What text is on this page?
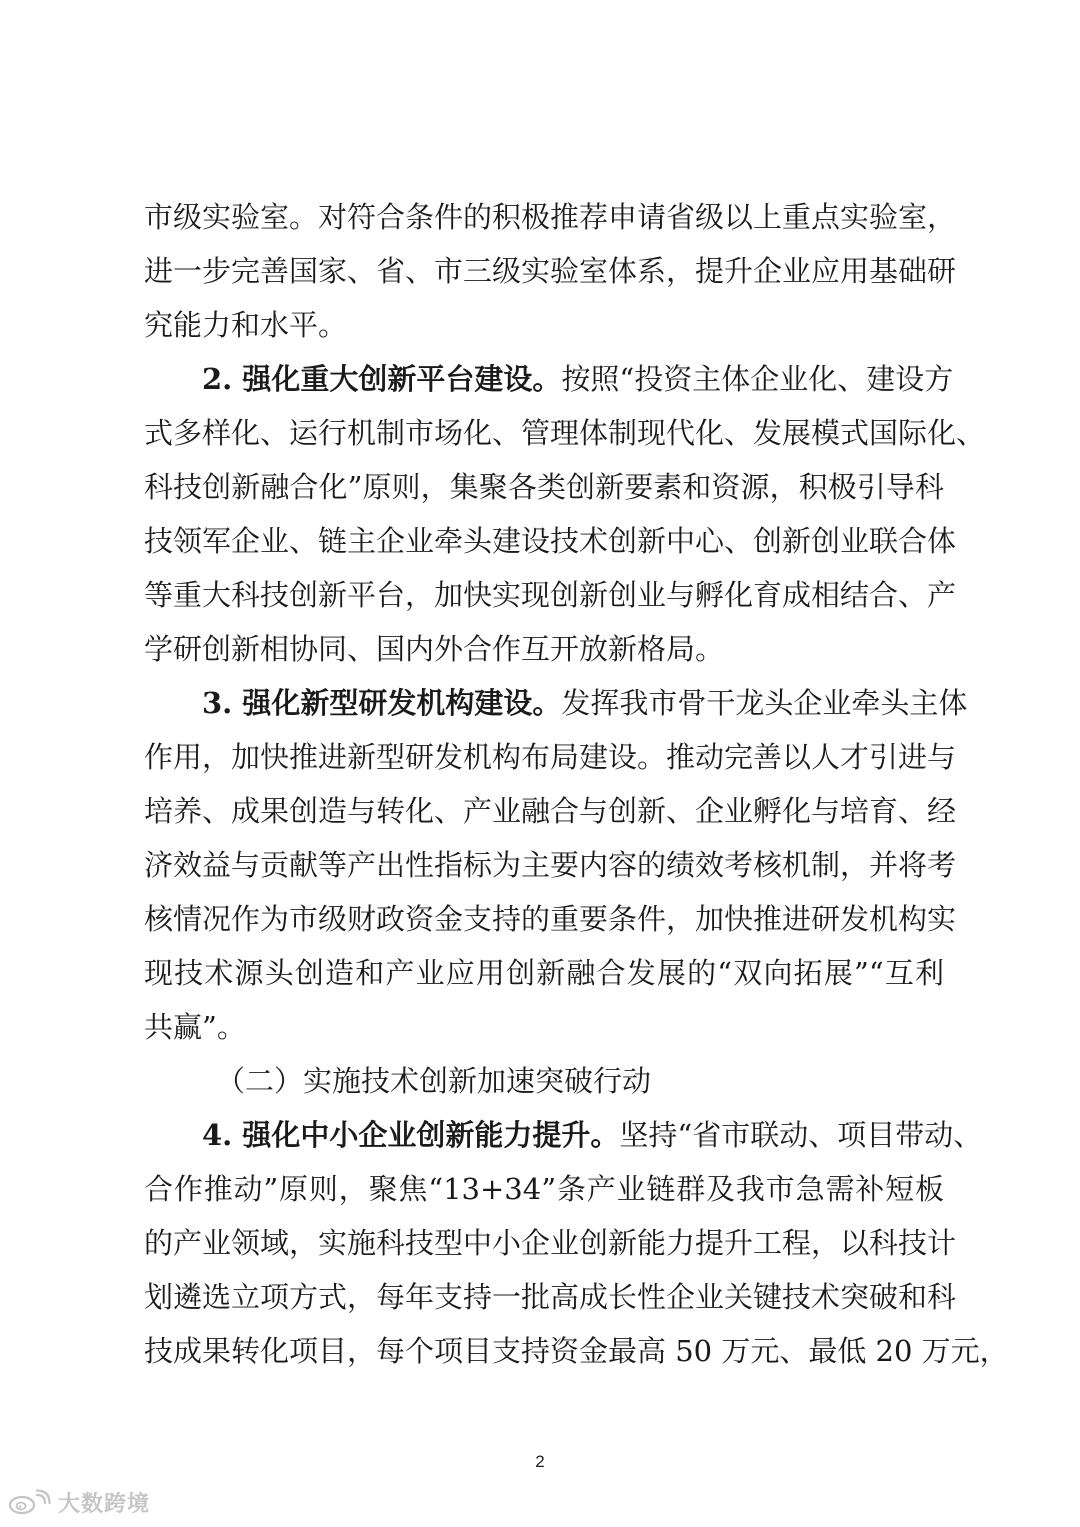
市级实验室。对符合条件的积极推荐申请省级以上重点实验室，
进一步完善国家、省、市三级实验室体系，提升企业应用基础研
究能力和水平。
2. 强化重大创新平台建设。按照“投资主体企业化、建设方
式多样化、运行机制市场化、管理体制现代化、发展模式国际化、
科技创新融合化”原则，集聚各类创新要素和资源，积极引导科
技领军企业、链主企业牵头建设技术创新中心、创新创业联合体
等重大科技创新平台，加快实现创新创业与孵化育成相结合、产
学研创新相协同、国内外合作互开放新格局。
3. 强化新型研发机构建设。发挥我市骨干龙头企业牵头主体
作用，加快推进新型研发机构布局建设。推动完善以人才引进与
培养、成果创造与转化、产业融合与创新、企业孵化与培育、经
济效益与贡献等产出性指标为主要内容的绩效考核机制，并将考
核情况作为市级财政资金支持的重要条件，加快推进研发机构实
现技术源头创造和产业应用创新融合发展的“双向拓展”“互利
共赢”。
（二）实施技术创新加速突破行动
4. 强化中小企业创新能力提升。坚持“省市联动、项目带动、
合作推动”原则，聚焦“13+34”条产业链群及我市急需补短板
的产业领域，实施科技型中小企业创新能力提升工程，以科技计
划遴选立项方式，每年支持一批高成长性企业关键技术突破和科
技成果转化项目，每个项目支持资金最高 50 万元、最低 20 万元，
2
大数跨境
